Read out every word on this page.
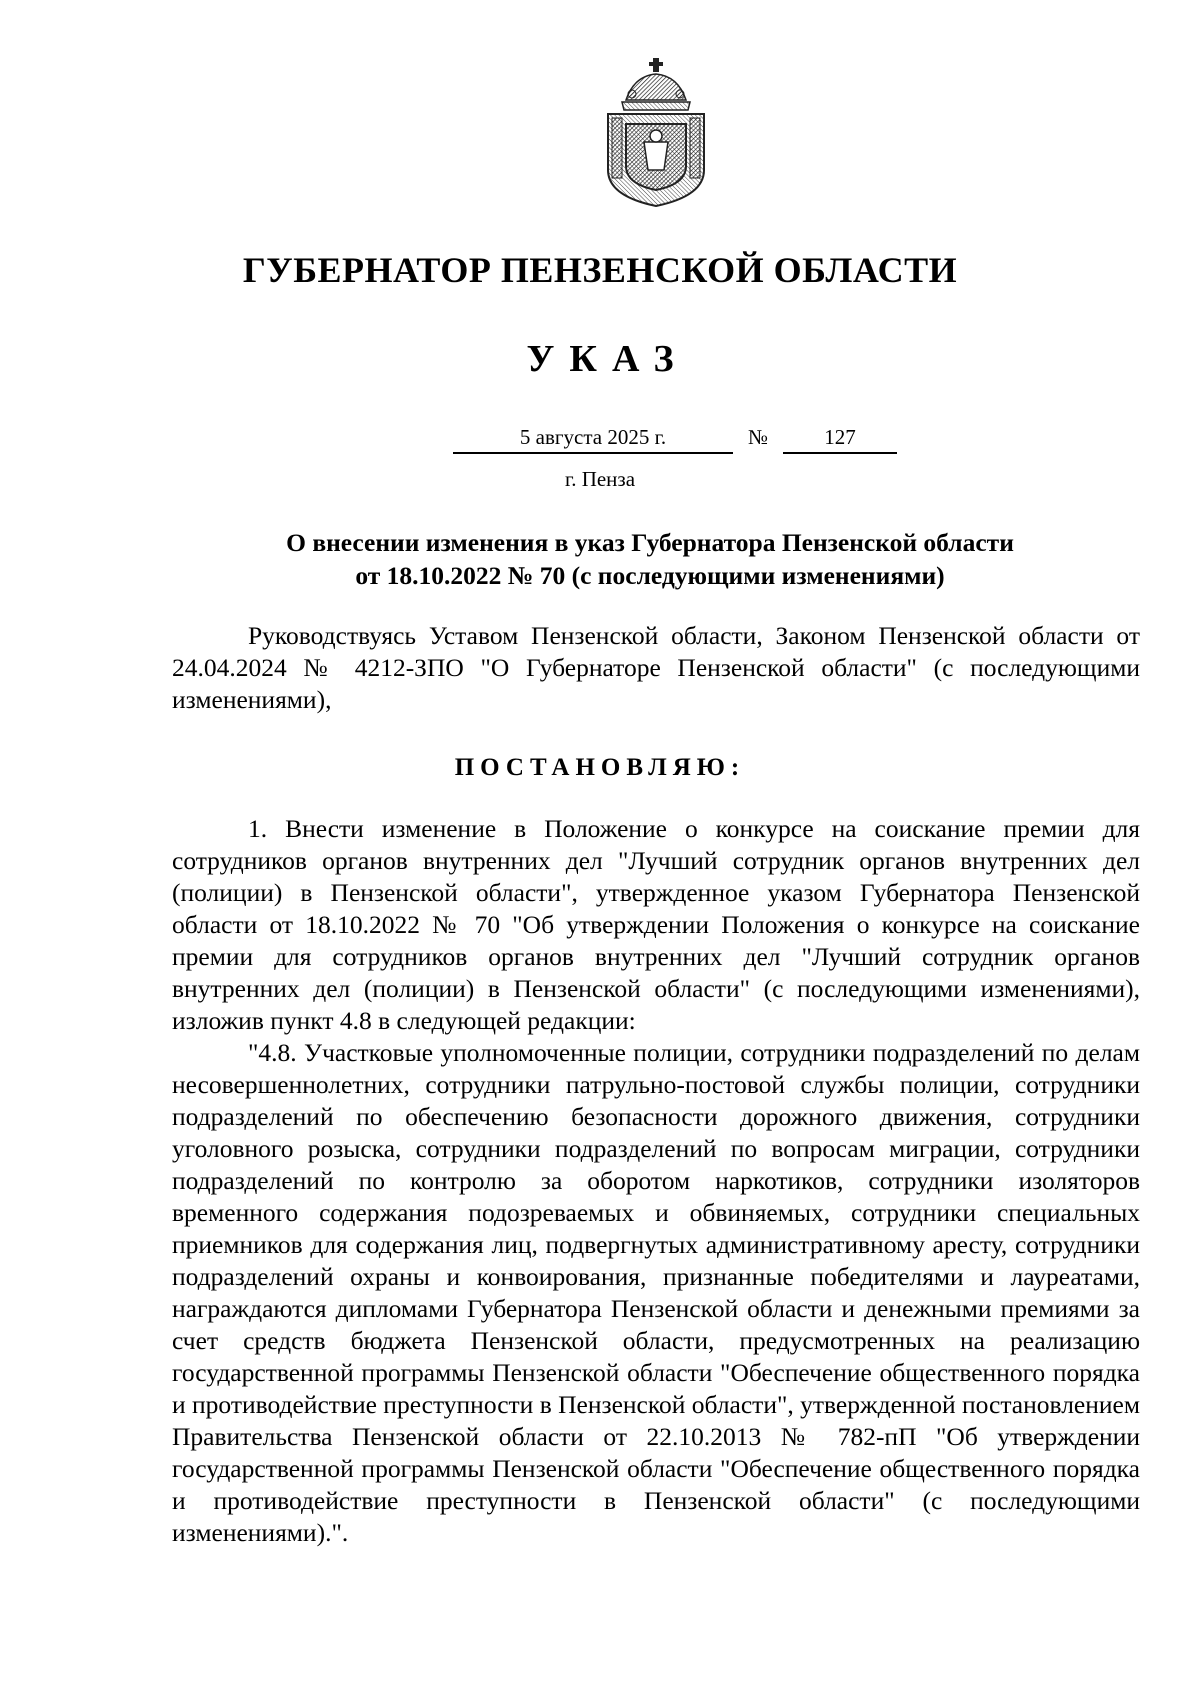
ГУБЕРНАТОР ПЕНЗЕНСКОЙ ОБЛАСТИ
УКАЗ
5 августа 2025 г.	№	127
г. Пенза
О внесении изменения в указ Губернатора Пензенской области
от 18.10.2022 № 70 (с последующими изменениями)
Руководствуясь Уставом Пензенской области, Законом Пензенской области от 24.04.2024 № 4212-ЗПО "О Губернаторе Пензенской области" (с последующими изменениями),
ПОСТАНОВЛЯЮ:

1. Внести изменение в Положение о конкурсе на соискание премии для сотрудников органов внутренних дел "Лучший сотрудник органов внутренних дел (полиции) в Пензенской области", утвержденное указом Губернатора Пензенской области от 18.10.2022 № 70 "Об утверждении Положения о конкурсе на соискание премии для сотрудников органов внутренних дел "Лучший сотрудник органов внутренних дел (полиции) в Пензенской области" (с последующими изменениями), изложив пункт 4.8 в следующей редакции:

"4.8. Участковые уполномоченные полиции, сотрудники подразделений по делам несовершеннолетних, сотрудники патрульно-постовой службы полиции, сотрудники подразделений по обеспечению безопасности дорожного движения, сотрудники уголовного розыска, сотрудники подразделений по вопросам миграции, сотрудники подразделений по контролю за оборотом наркотиков, сотрудники изоляторов временного содержания подозреваемых и обвиняемых, сотрудники специальных приемников для содержания лиц, подвергнутых административному аресту, сотрудники подразделений охраны и конвоирования, признанные победителями и лауреатами, награждаются дипломами Губернатора Пензенской области и денежными премиями за счет средств бюджета Пензенской области, предусмотренных на реализацию государственной программы Пензенской области "Обеспечение общественного порядка и противодействие преступности в Пензенской области", утвержденной постановлением Правительства Пензенской области от 22.10.2013 № 782-пП "Об утверждении государственной программы Пензенской области "Обеспечение общественного порядка и противодействие преступности в Пензенской области" (с последующими изменениями).".
